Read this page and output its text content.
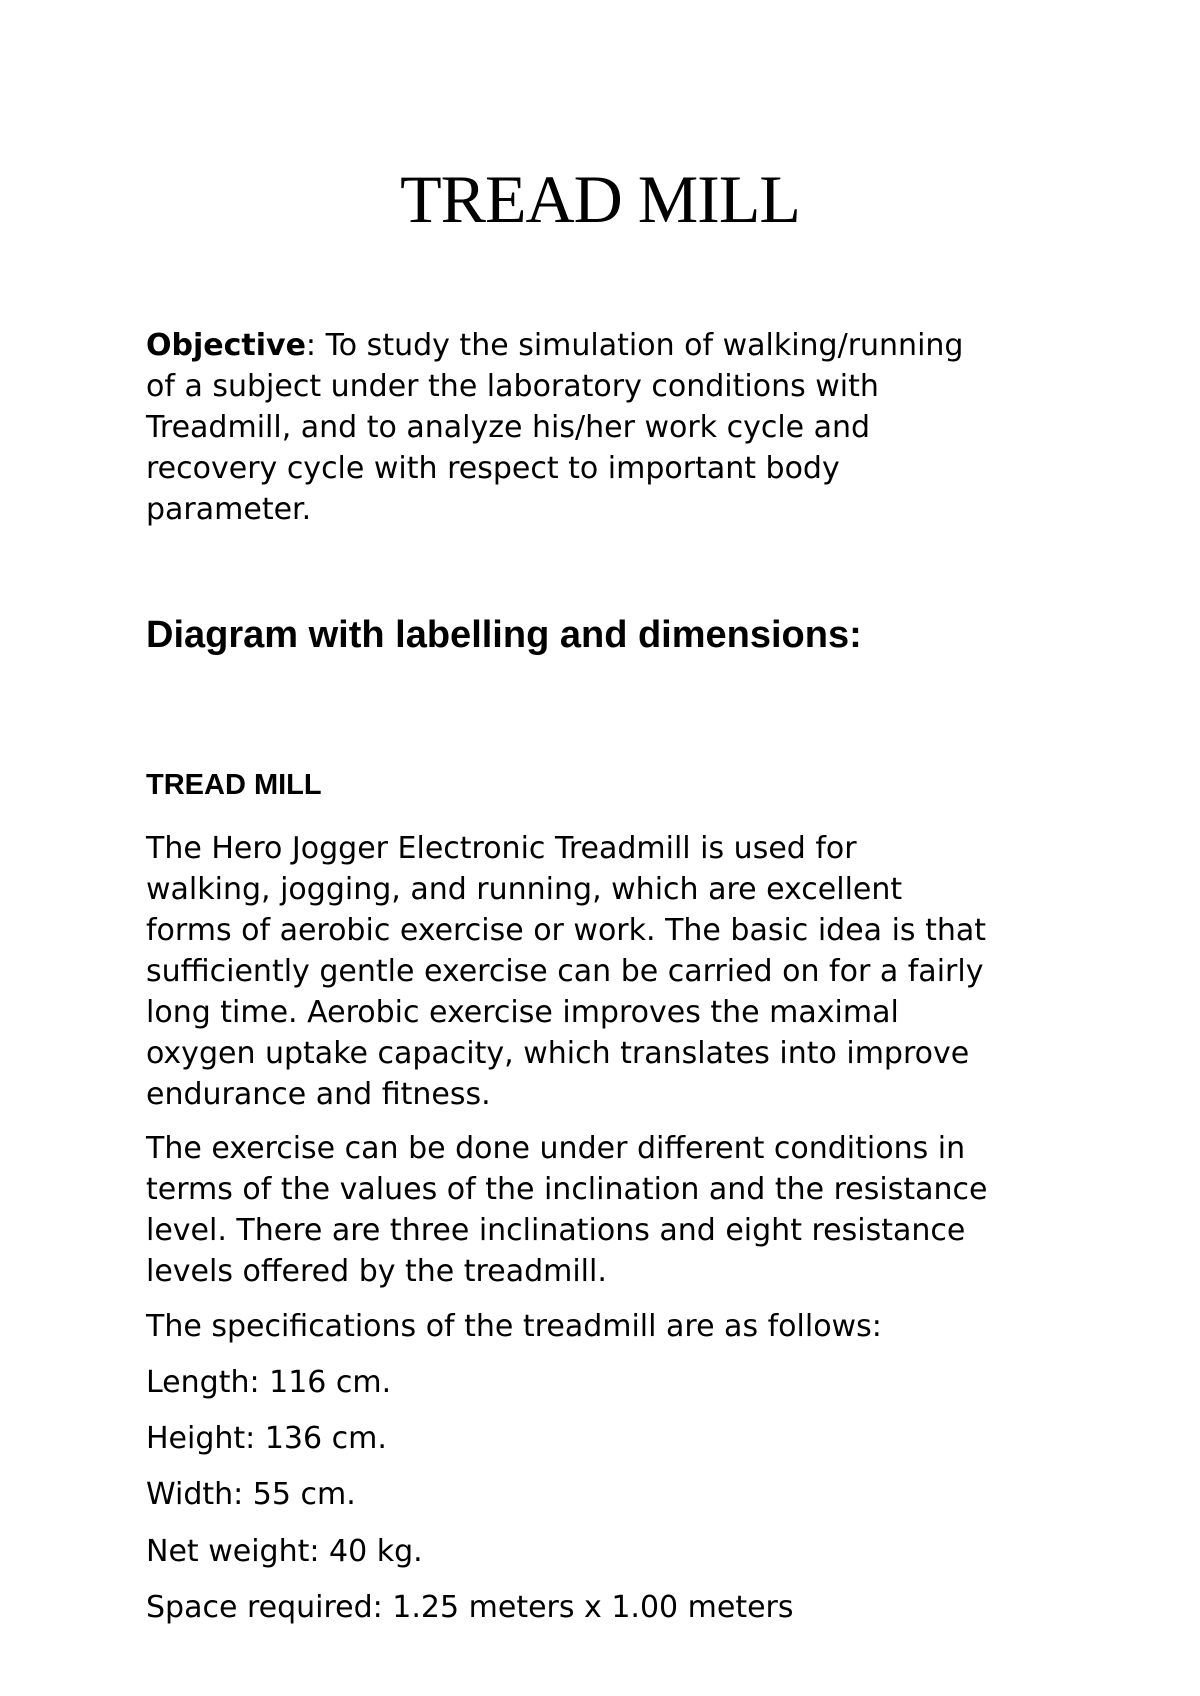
TREAD MILL

Objective: To study the simulation of walking/running
of a subject under the laboratory conditions with
Treadmill, and to analyze his/her work cycle and
recovery cycle with respect to important body
parameter.

Diagram with labelling and dimensions:
TREAD MILL

The Hero Jogger Electronic Treadmill is used for
walking, jogging, and running, which are excellent
forms of aerobic exercise or work. The basic idea is that
sufficiently gentle exercise can be carried on for a fairly
long time. Aerobic exercise improves the maximal
oxygen uptake capacity, which translates into improve
endurance and fitness.

The exercise can be done under different conditions in
terms of the values of the inclination and the resistance
level. There are three inclinations and eight resistance
levels offered by the treadmill.

The specifications of the treadmill are as follows:

Length: 116 cm.

Height: 136 cm.

Width: 55 cm.

Net weight: 40 kg.

Space required: 1.25 meters x 1.00 meters
